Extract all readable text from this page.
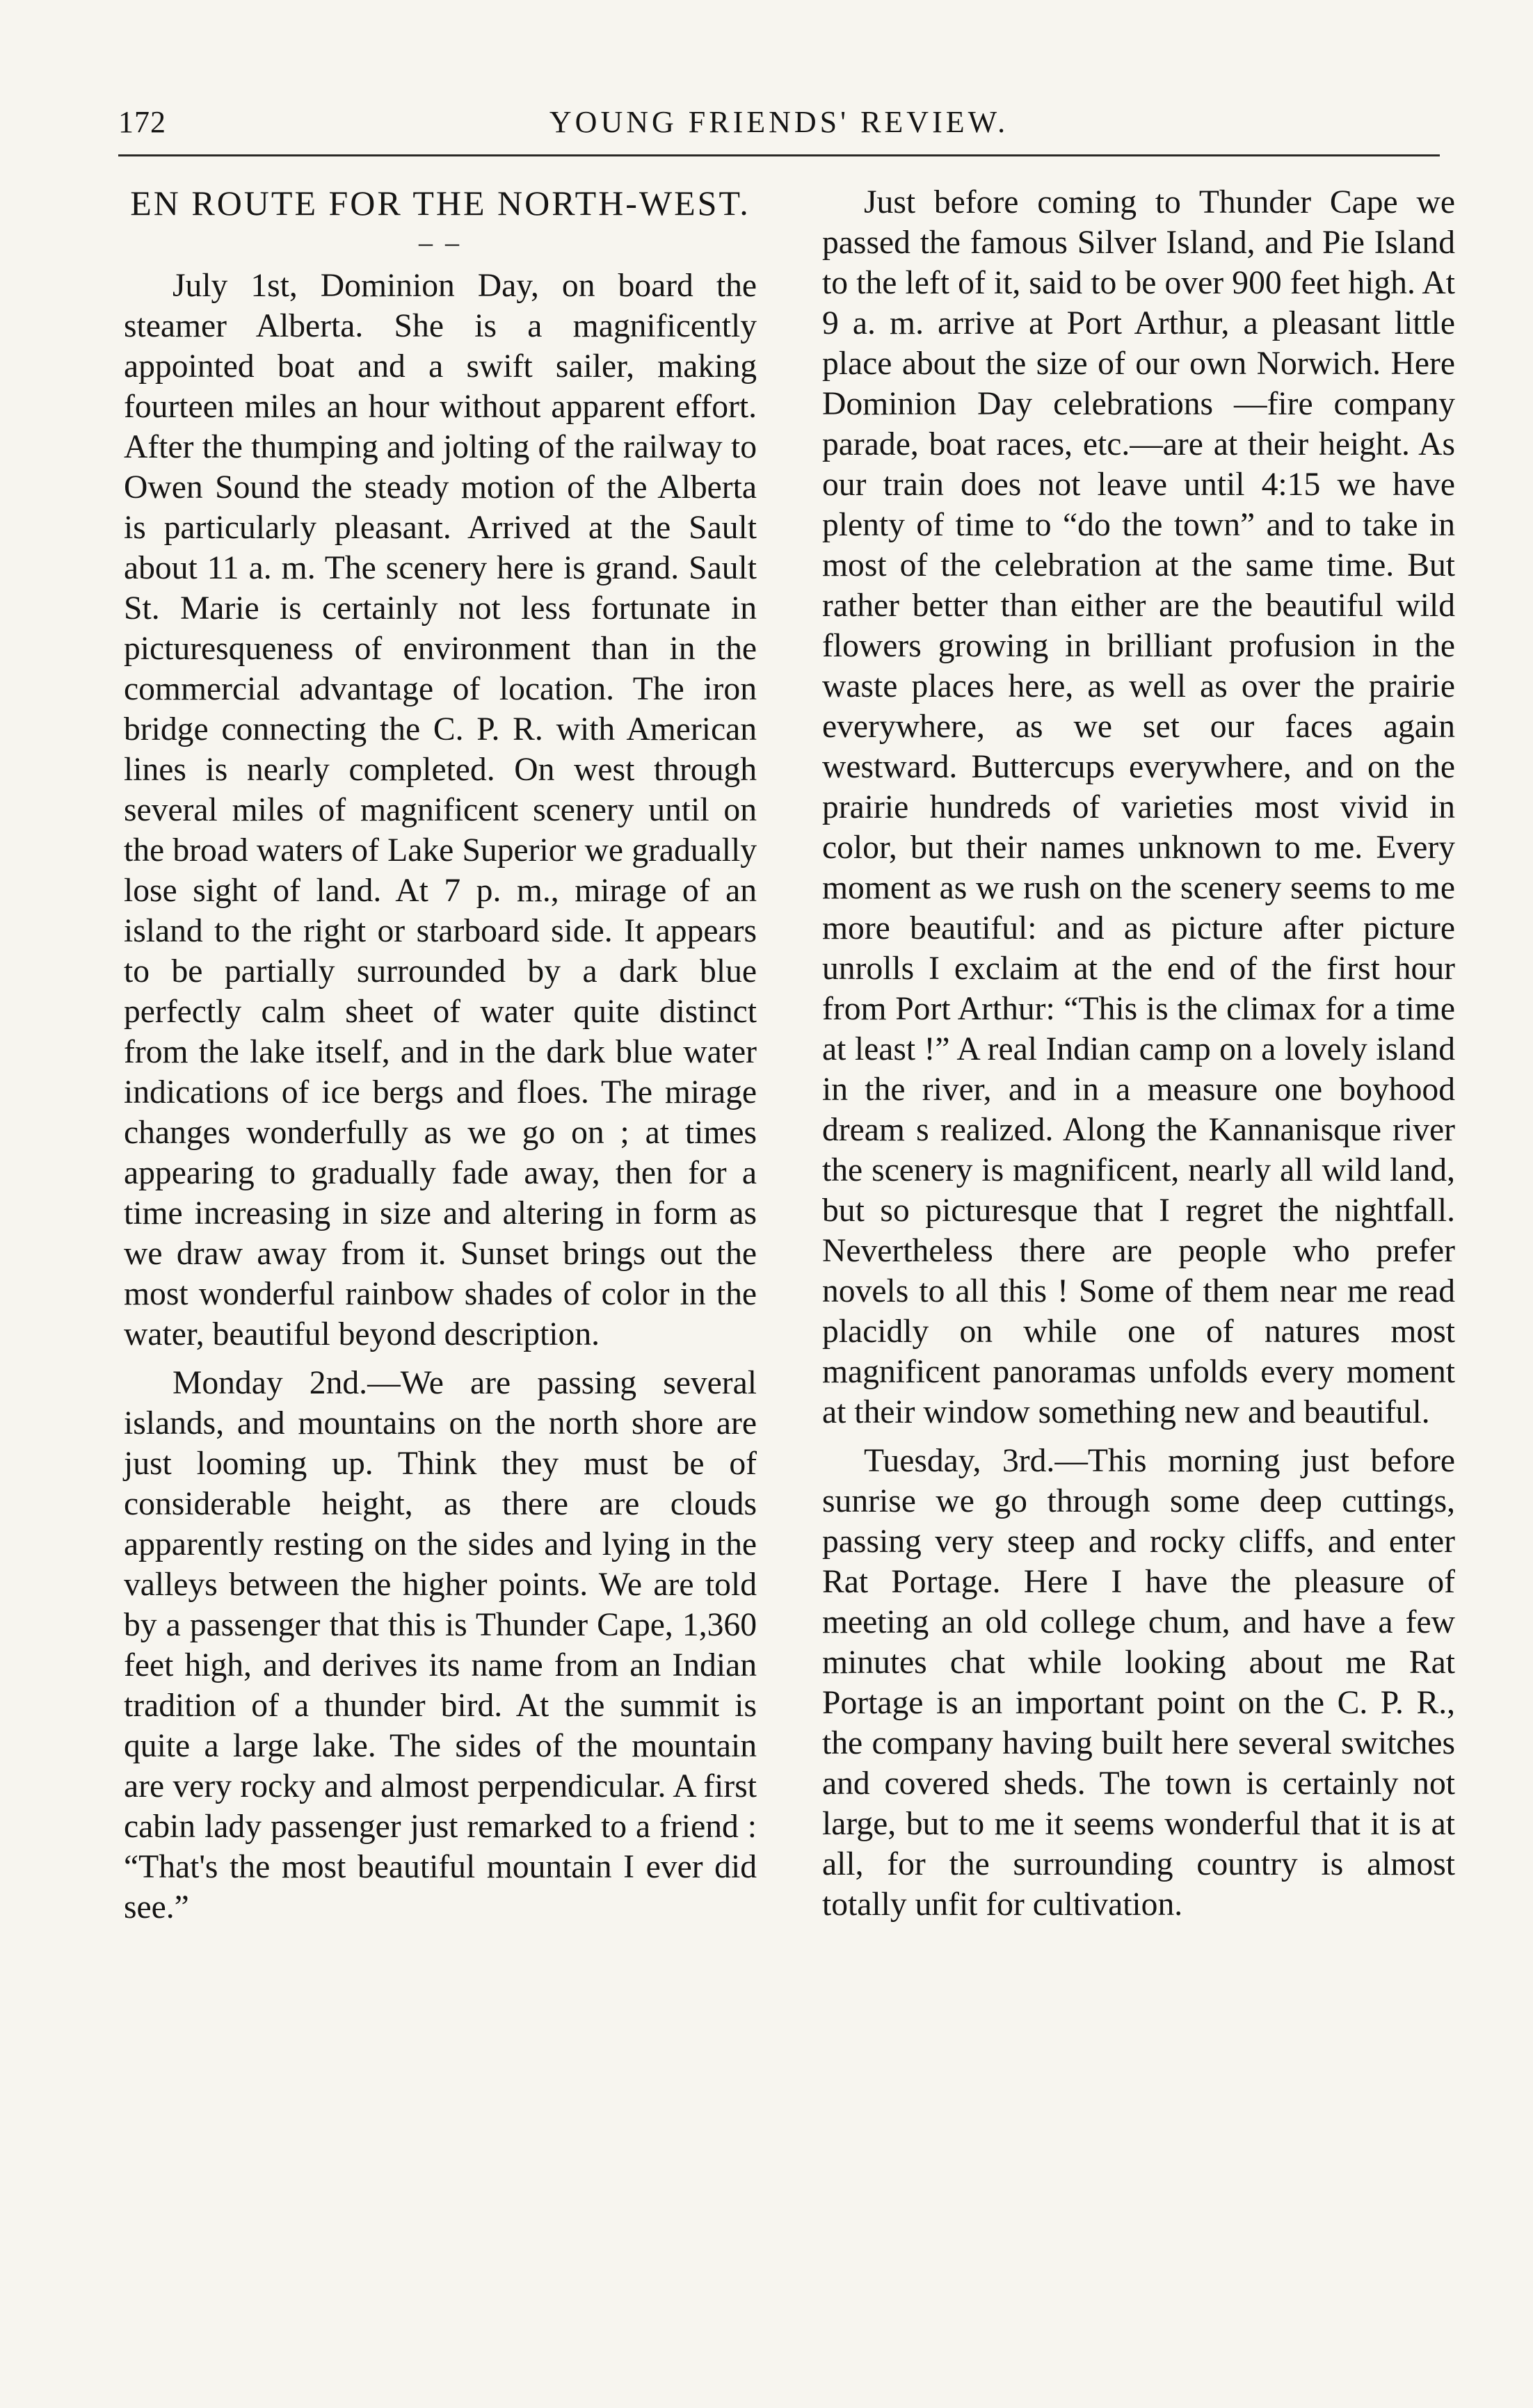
172	YOUNG FRIENDS' REVIEW.
EN ROUTE FOR THE NORTH-WEST.
– –

July 1st, Dominion Day, on board the steamer Alberta. She is a magnificently appointed boat and a swift sailer, making fourteen miles an hour without apparent effort. After the thumping and jolting of the railway to Owen Sound the steady motion of the Alberta is particularly pleasant. Arrived at the Sault about 11 a. m. The scenery here is grand. Sault St. Marie is certainly not less fortunate in picturesqueness of environment than in the commercial advantage of location. The iron bridge connecting the C. P. R. with American lines is nearly completed. On west through several miles of magnificent scenery until on the broad waters of Lake Superior we gradually lose sight of land. At 7 p. m., mirage of an island to the right or starboard side. It appears to be partially surrounded by a dark blue perfectly calm sheet of water quite distinct from the lake itself, and in the dark blue water indications of ice bergs and floes. The mirage changes wonderfully as we go on ; at times appearing to gradually fade away, then for a time increasing in size and altering in form as we draw away from it. Sunset brings out the most wonderful rainbow shades of color in the water, beautiful beyond description.

Monday 2nd.—We are passing several islands, and mountains on the north shore are just looming up. Think they must be of considerable height, as there are clouds apparently resting on the sides and lying in the valleys between the higher points. We are told by a passenger that this is Thunder Cape, 1,360 feet high, and derives its name from an Indian tradition of a thunder bird. At the summit is quite a large lake. The sides of the mountain are very rocky and almost perpendicular. A first cabin lady passenger just remarked to a friend : “That's the most beautiful mountain I ever did see.”

Just before coming to Thunder Cape we passed the famous Silver Island, and Pie Island to the left of it, said to be over 900 feet high. At 9 a. m. arrive at Port Arthur, a pleasant little place about the size of our own Norwich. Here Dominion Day celebrations —fire company parade, boat races, etc.—are at their height. As our train does not leave until 4:15 we have plenty of time to “do the town” and to take in most of the celebration at the same time. But rather better than either are the beautiful wild flowers growing in brilliant profusion in the waste places here, as well as over the prairie everywhere, as we set our faces again westward. Buttercups everywhere, and on the prairie hundreds of varieties most vivid in color, but their names unknown to me. Every moment as we rush on the scenery seems to me more beautiful: and as picture after picture unrolls I exclaim at the end of the first hour from Port Arthur: “This is the climax for a time at least !” A real Indian camp on a lovely island in the river, and in a measure one boyhood dream s realized. Along the Kannanisque river the scenery is magnificent, nearly all wild land, but so picturesque that I regret the nightfall. Nevertheless there are people who prefer novels to all this ! Some of them near me read placidly on while one of natures most magnificent panoramas unfolds every moment at their window something new and beautiful.

Tuesday, 3rd.—This morning just before sunrise we go through some deep cuttings, passing very steep and rocky cliffs, and enter Rat Portage. Here I have the pleasure of meeting an old college chum, and have a few minutes chat while looking about me Rat Portage is an important point on the C. P. R., the company having built here several switches and covered sheds. The town is certainly not large, but to me it seems wonderful that it is at all, for the surrounding country is almost totally unfit for cultivation.
